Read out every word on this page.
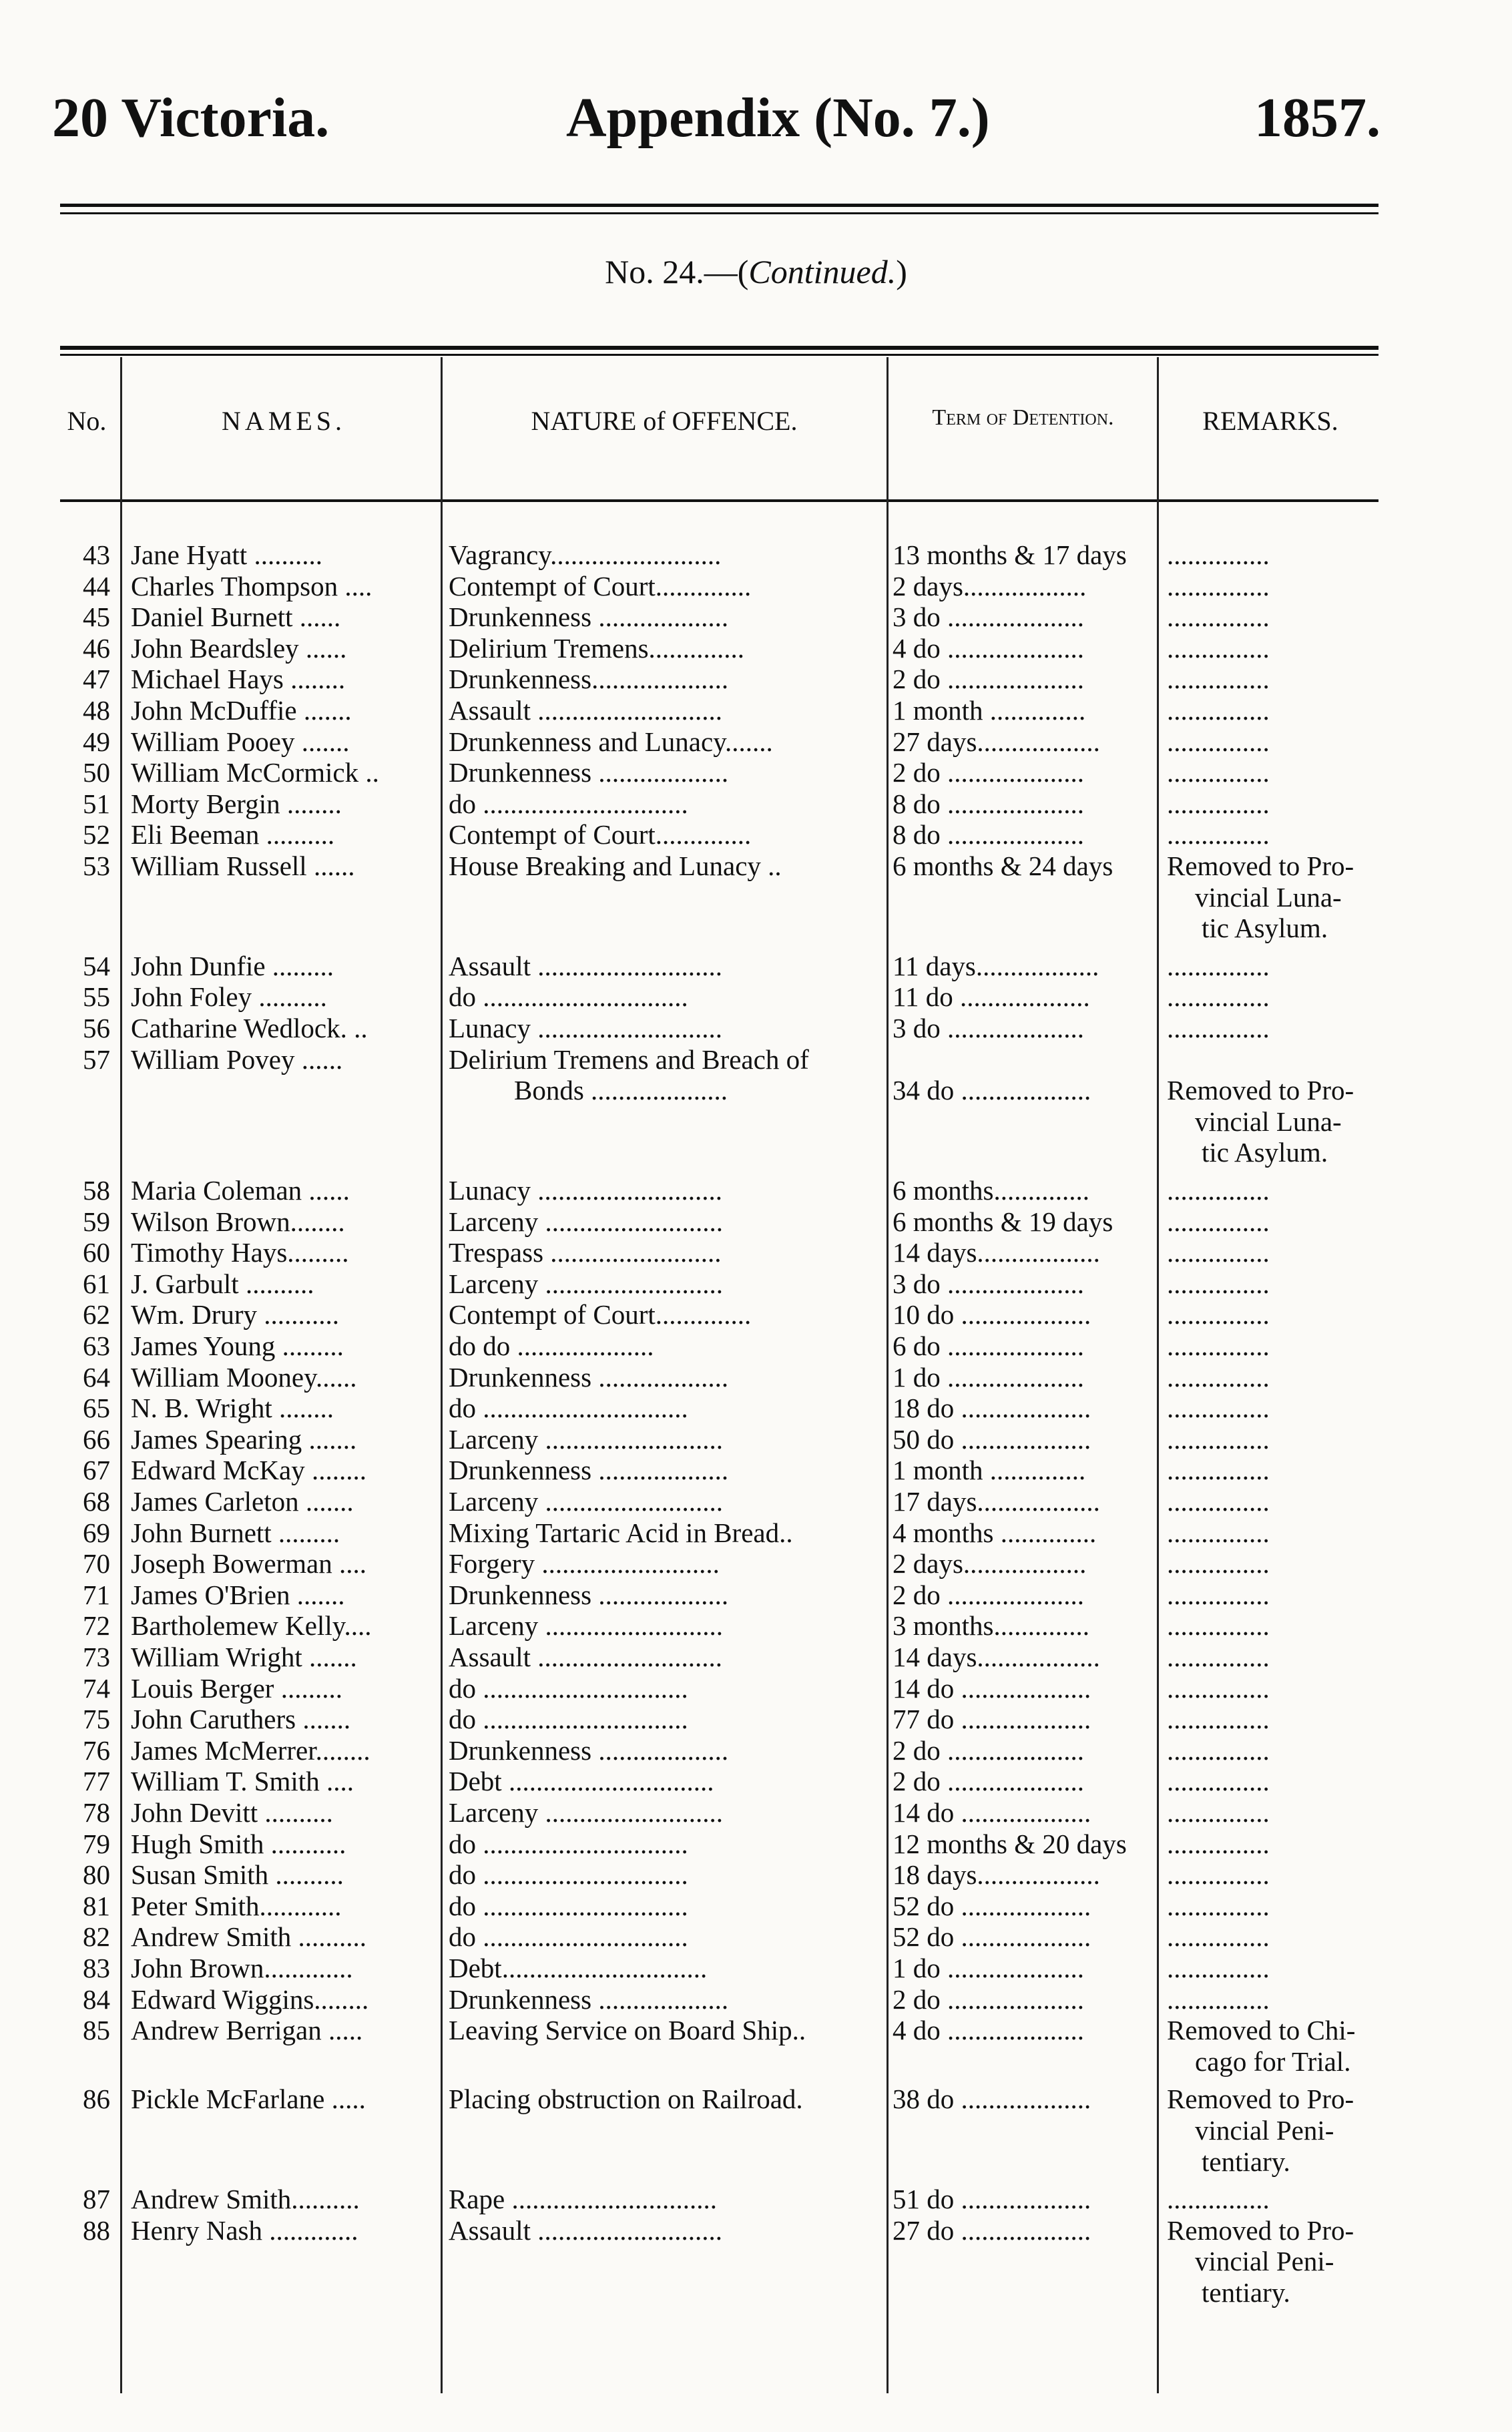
20 Victoria.	Appendix (No. 7.)	1857.
No. 24.—(Continued.)
No.	NAMES.	NATURE of OFFENCE.	Term of Detention.	REMARKS.
43 Jane Hyatt ..........	Vagrancy.........................	13 months & 17 days ...............
44 Charles Thompson ....	Contempt of Court..............	2 days..................	...............
45 Daniel Burnett ......	Drunkenness ...................	3 do ....................	...............
46 John Beardsley ......	Delirium Tremens..............	4 do ....................	...............
47 Michael Hays ........	Drunkenness....................	2 do ....................	...............
48 John McDuffie .......	Assault ...........................	1 month ..............	...............
49 William Pooey .......	Drunkenness and Lunacy.......	27 days.................. ...............
50 William McCormick ..	Drunkenness ...................	2 do ....................	...............
51 Morty Bergin ........	do ..............................	8 do ....................	...............
52 Eli Beeman ..........	Contempt of Court..............	8 do ....................	...............
53 William Russell ......	House Breaking and Lunacy ..	6 months & 24 days Removed to Pro-
vincial Luna-
tic Asylum.
54 John Dunfie .........	Assault ...........................	11 days.................. ...............
55 John Foley ..........	do ..............................	11 do ...................	...............
56 Catharine Wedlock. ..	Lunacy ...........................	3 do ....................	...............
57 William Povey ......	Delirium Tremens and Breach of
Bonds ....................	34 do ...................	Removed to Pro-
vincial Luna-
tic Asylum.
58 Maria Coleman ......	Lunacy ...........................	6 months..............	...............
59 Wilson Brown........	Larceny ..........................	6 months & 19 days ...............
60 Timothy Hays.........	Trespass .........................	14 days.................. ...............
61 J. Garbult ..........	Larceny ..........................	3 do ....................	...............
62 Wm. Drury ...........	Contempt of Court..............	10 do ...................	...............
63 James Young .........	do do ....................	6 do ....................	...............
64 William Mooney......	Drunkenness ...................	1 do ....................	...............
65 N. B. Wright ........	do ..............................	18 do ...................	...............
66 James Spearing .......	Larceny ..........................	50 do ...................	...............
67 Edward McKay ........	Drunkenness ...................	1 month ..............	...............
68 James Carleton .......	Larceny ..........................	17 days.................. ...............
69 John Burnett .........	Mixing Tartaric Acid in Bread..	4 months ..............	...............
70 Joseph Bowerman ....	Forgery ..........................	2 days..................	...............
71 James O'Brien .......	Drunkenness ...................	2 do ....................	...............
72 Bartholemew Kelly....	Larceny ..........................	3 months..............	...............
73 William Wright .......	Assault ...........................	14 days.................. ...............
74 Louis Berger .........	do ..............................	14 do ...................	...............
75 John Caruthers .......	do ..............................	77 do ...................	...............
76 James McMerrer........	Drunkenness ...................	2 do ....................	...............
77 William T. Smith ....	Debt ..............................	2 do ....................	...............
78 John Devitt ..........	Larceny ..........................	14 do ...................	...............
79 Hugh Smith ...........	do ..............................	12 months & 20 days ...............
80 Susan Smith ..........	do ..............................	18 days.................. ...............
81 Peter Smith............	do ..............................	52 do ...................	...............
82 Andrew Smith ..........	do ..............................	52 do ...................	...............
83 John Brown.............	Debt..............................	1 do ....................	...............
84 Edward Wiggins........	Drunkenness ...................	2 do ....................	...............
85 Andrew Berrigan .....	Leaving Service on Board Ship..	4 do ....................	Removed to Chi-
cago for Trial.
86 Pickle McFarlane .....	Placing obstruction on Railroad.	38 do ...................	Removed to Pro-
vincial Peni-
tentiary.
87 Andrew Smith..........	Rape ..............................	51 do ...................	...............
88 Henry Nash .............	Assault ...........................	27 do ...................	Removed to Pro-
vincial Peni-
tentiary.
